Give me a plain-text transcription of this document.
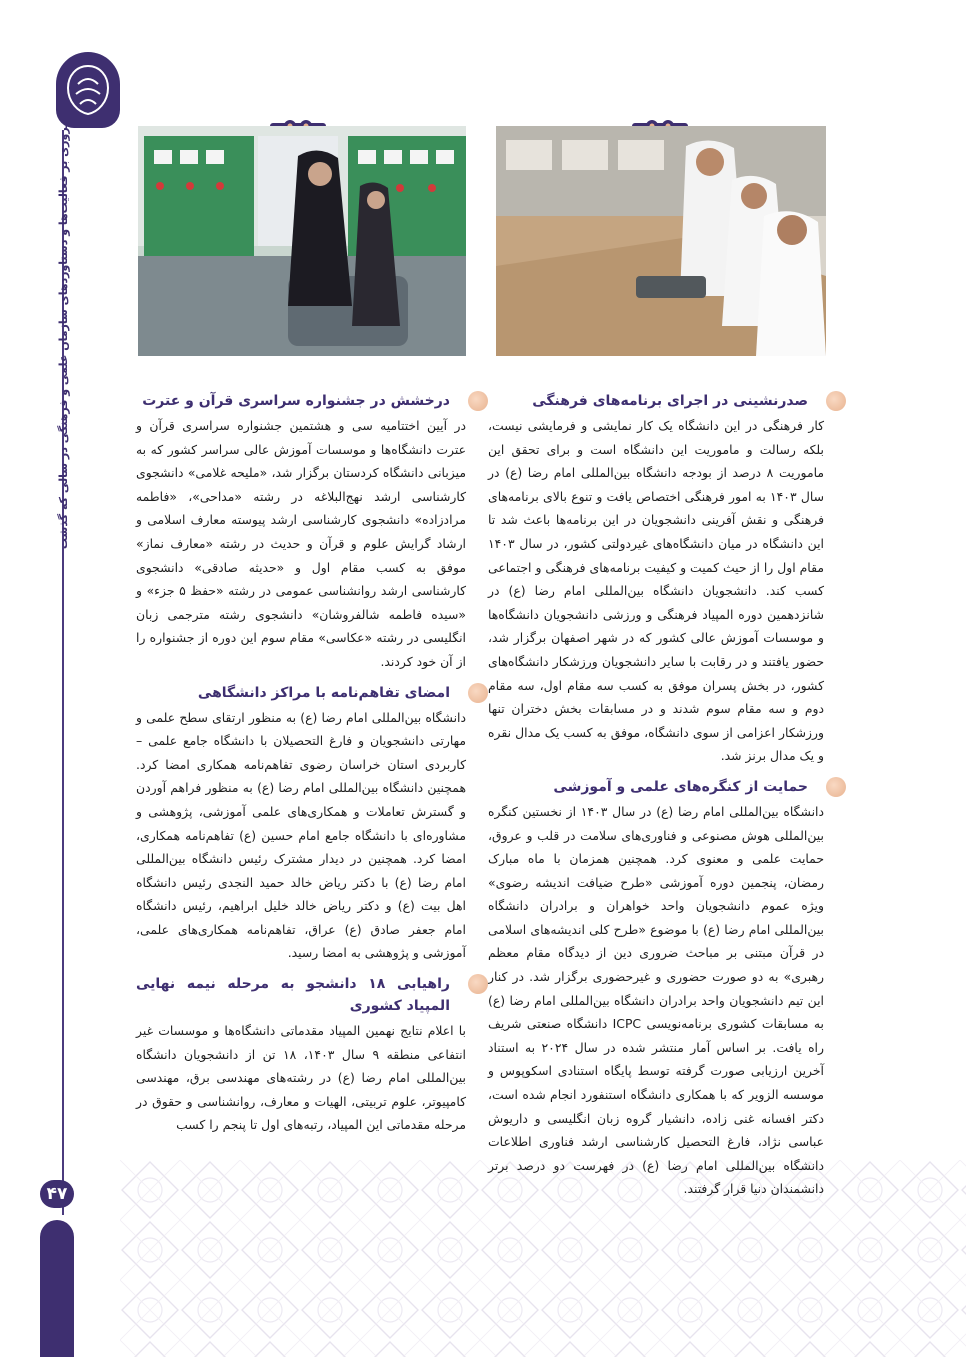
مروری بر فعالیت‌ها و دستاوردهای سازمان علمی و فرهنگی در سالی که گذشت
۴۷
صدرنشینی در اجرای برنامه‌های فرهنگی

کار فرهنگی در این دانشگاه یک کار نمایشی و فرمایشی نیست، بلکه رسالت و ماموریت این دانشگاه است و برای تحقق این ماموریت ۸ درصد از بودجه دانشگاه بین‌المللی امام رضا (ع) در سال ۱۴۰۳ به امور فرهنگی اختصاص یافت و تنوع بالای برنامه‌های فرهنگی و نقش آفرینی دانشجویان در این برنامه‌ها باعث شد تا این دانشگاه در میان دانشگاه‌های غیردولتی کشور، در سال ۱۴۰۳ مقام اول را از حیث کمیت و کیفیت برنامه‌های فرهنگی و اجتماعی کسب کند. دانشجویان دانشگاه بین‌المللی امام رضا (ع) در شانزدهمین دوره المپیاد فرهنگی و ورزشی دانشجویان دانشگاه‌ها و موسسات آموزش عالی کشور که در شهر اصفهان برگزار شد، حضور یافتند و در رقابت با سایر دانشجویان ورزشکار دانشگاه‌های کشور، در بخش پسران موفق به کسب سه مقام اول، سه مقام دوم و سه مقام سوم شدند و در مسابقات بخش دختران تنها ورزشکار اعزامی از سوی دانشگاه، موفق به کسب یک مدال نقره و یک مدال برنز شد.

حمایت از کنگره‌های علمی و آموزشی

دانشگاه بین‌المللی امام رضا (ع) در سال ۱۴۰۳ از نخستین کنگره بین‌المللی هوش مصنوعی و فناوری‌های سلامت در قلب و عروق، حمایت علمی و معنوی کرد. همچنین همزمان با ماه مبارک رمضان، پنجمین دوره آموزشی «طرح ضیافت اندیشه رضوی» ویژه عموم دانشجویان واحد خواهران و برادران دانشگاه بین‌المللی امام رضا (ع) با موضوع «طرح کلی اندیشه‌های اسلامی در قرآن مبتنی بر مباحث ضروری دین از دیدگاه مقام معظم رهبری» به دو صورت حضوری و غیرحضوری برگزار شد. در کنار این تیم دانشجویان واحد برادران دانشگاه بین‌المللی امام رضا (ع) به مسابقات کشوری برنامه‌نویسی ICPC دانشگاه صنعتی شریف راه یافت. بر اساس آمار منتشر شده در سال ۲۰۲۴ به استناد آخرین ارزیابی صورت گرفته توسط پایگاه استنادی اسکوپوس و موسسه الزویر که با همکاری دانشگاه استنفورد انجام شده است، دکتر افسانه غنی زاده، دانشیار گروه زبان انگلیسی و داریوش عباسی نژاد، فارغ التحصیل کارشناسی ارشد فناوری اطلاعات دانشگاه بین‌المللی امام رضا (ع) در فهرست دو درصد برتر دانشمندان دنیا قرار گرفتند.

درخشش در جشنواره سراسری قرآن و عترت

در آیین اختتامیه سی و هشتمین جشنواره سراسری قرآن و عترت دانشگاه‌ها و موسسات آموزش عالی سراسر کشور که به میزبانی دانشگاه کردستان برگزار شد، «ملیحه غلامی» دانشجوی کارشناسی ارشد نهج‌البلاغه در رشته «مداحی»، «فاطمه مرادزاده» دانشجوی کارشناسی ارشد پیوسته معارف اسلامی و ارشاد گرایش علوم و قرآن و حدیث در رشته «معارف نماز» موفق به کسب مقام اول و «حدیثه صادقی» دانشجوی کارشناسی ارشد روانشناسی عمومی در رشته «حفظ ۵ جزء» و «سیده فاطمه شالفروشان» دانشجوی رشته مترجمی زبان انگلیسی در رشته «عکاسی» مقام سوم این دوره از جشنواره را از آن خود کردند.

امضای تفاهم‌نامه با مراکز دانشگاهی

دانشگاه بین‌المللی امام رضا (ع) به منظور ارتقای سطح علمی و مهارتی دانشجویان و فارغ التحصیلان با دانشگاه جامع علمی – کاربردی استان خراسان رضوی تفاهم‌نامه همکاری امضا کرد. همچنین دانشگاه بین‌المللی امام رضا (ع) به منظور فراهم آوردن و گسترش تعاملات و همکاری‌های علمی آموزشی، پژوهشی و مشاوره‌ای با دانشگاه جامع امام حسین (ع) تفاهم‌نامه همکاری، امضا کرد. همچنین در دیدار مشترک رئیس دانشگاه بین‌المللی امام رضا (ع) با دکتر ریاض خالد حمید النجدی رئیس دانشگاه اهل بیت (ع) و دکتر ریاض خالد خلیل ابراهیم، رئیس دانشگاه امام جعفر صادق (ع) عراق، تفاهم‌نامه همکاری‌های علمی، آموزشی و پژوهشی به امضا رسید.

راهیابی ۱۸ دانشجو به مرحله نیمه نهایی المپیاد کشوری

با اعلام نتایج نهمین المپیاد مقدماتی دانشگاه‌ها و موسسات غیر انتفاعی منطقه ۹ سال ۱۴۰۳، ۱۸ تن از دانشجویان دانشگاه بین‌المللی امام رضا (ع) در رشته‌های مهندسی برق، مهندسی کامپیوتر، علوم تربیتی، الهیات و معارف، روانشناسی و حقوق در مرحله مقدماتی این المپیاد، رتبه‌های اول تا پنجم را کسب
